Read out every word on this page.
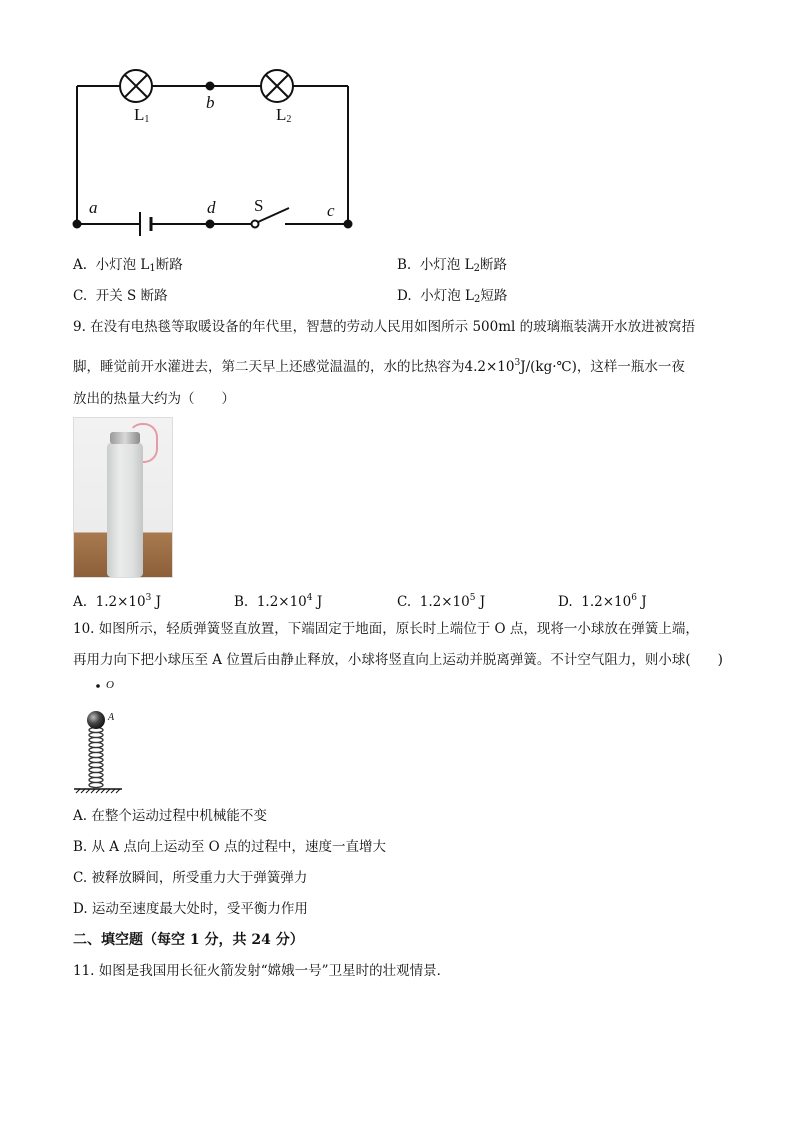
$L_1$	$L_2$
b
a	d S	c
A. 小灯泡 $L_1$断路	B. 小灯泡 $L_2$断路
C. 开关 S 断路	D. 小灯泡 $L_2$短路
9. 在没有电热毯等取暖设备的年代里，智慧的劳动人民用如图所示 500ml 的玻璃瓶装满开水放进被窝捂
脚，睡觉前开水灌进去，第二天早上还感觉温温的，水的比热容为$4.2\times 10^3J/(kg\cdot℃)$，这样一瓶水一夜
放出的热量大约为（　　）
A. $1.2\times 10^3$ J	B. $1.2\times 10^4$ J	C. $1.2\times 10^5$ J	D. $1.2\times 10^6$ J
10. 如图所示，轻质弹簧竖直放置，下端固定于地面，原长时上端位于 O 点，现将一小球放在弹簧上端，
再用力向下把小球压至 A 位置后由静止释放，小球将竖直向上运动并脱离弹簧。不计空气阻力，则小球(　　)
O
A
A. 在整个运动过程中机械能不变
B. 从 A 点向上运动至 O 点的过程中，速度一直增大
C. 被释放瞬间，所受重力大于弹簧弹力
D. 运动至速度最大处时，受平衡力作用
二、填空题（每空 1 分，共 24 分）
11. 如图是我国用长征火箭发射“嫦娥一号”卫星时的壮观情景．
